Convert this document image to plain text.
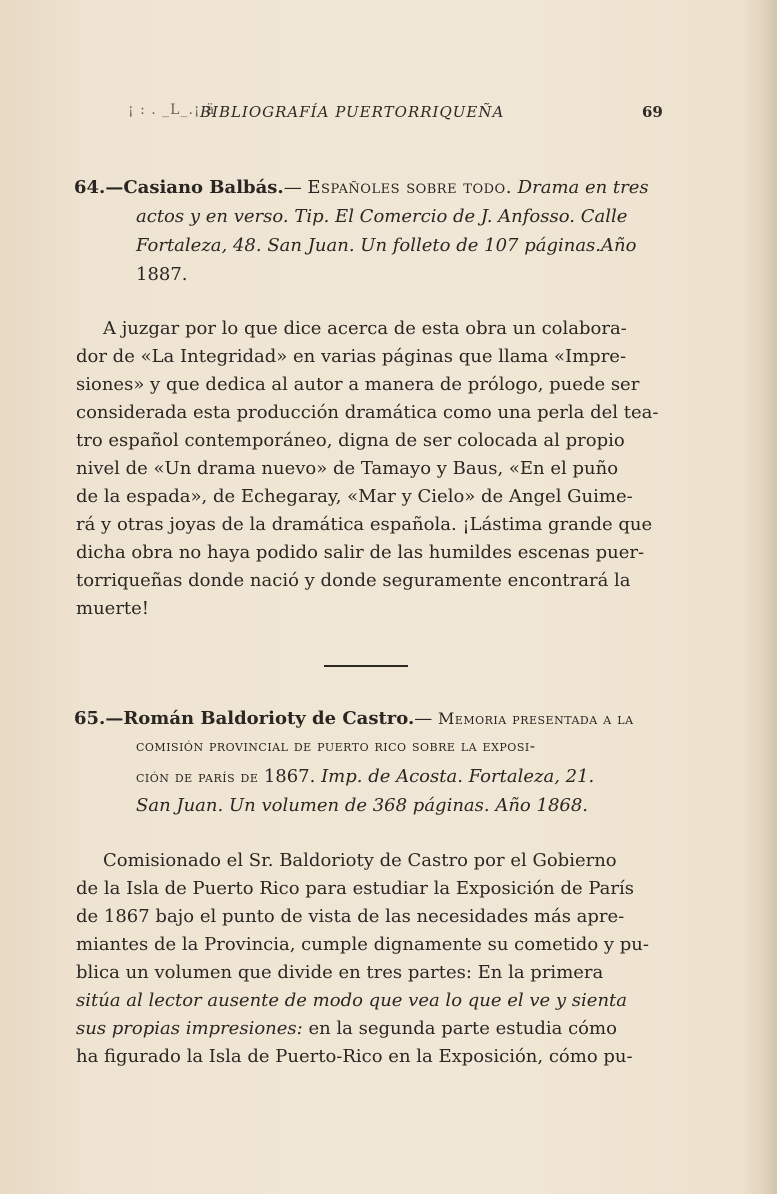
¡ : . _L_.¡.ä
BIBLIOGRAFÍA PUERTORRIQUEÑA	69
64.—Casiano Balbás.— Españoles sobre todo. Drama en tres
actos y en verso. Tip. El Comercio de J. Anfosso. Calle
Fortaleza, 48. San Juan. Un folleto de 107 páginas.Año
1887.
A juzgar por lo que dice acerca de esta obra un colabora-
dor de «La Integridad» en varias páginas que llama «Impre-
siones» y que dedica al autor a manera de prólogo, puede ser
considerada esta producción dramática como una perla del tea-
tro español contemporáneo, digna de ser colocada al propio
nivel de «Un drama nuevo» de Tamayo y Baus, «En el puño
de la espada», de Echegaray, «Mar y Cielo» de Angel Guime-
rá y otras joyas de la dramática española. ¡Lástima grande que
dicha obra no haya podido salir de las humildes escenas puer-
torriqueñas donde nació y donde seguramente encontrará la
muerte!
65.—Román Baldorioty de Castro.— Memoria presentada a la
comisión provincial de puerto rico sobre la exposi-
ción de parís de 1867. Imp. de Acosta. Fortaleza, 21.
San Juan. Un volumen de 368 páginas. Año 1868.
Comisionado el Sr. Baldorioty de Castro por el Gobierno
de la Isla de Puerto Rico para estudiar la Exposición de París
de 1867 bajo el punto de vista de las necesidades más apre-
miantes de la Provincia, cumple dignamente su cometido y pu-
blica un volumen que divide en tres partes: En la primera
sitúa al lector ausente de modo que vea lo que el ve y sienta
sus propias impresiones: en la segunda parte estudia cómo
ha figurado la Isla de Puerto-Rico en la Exposición, cómo pu-
